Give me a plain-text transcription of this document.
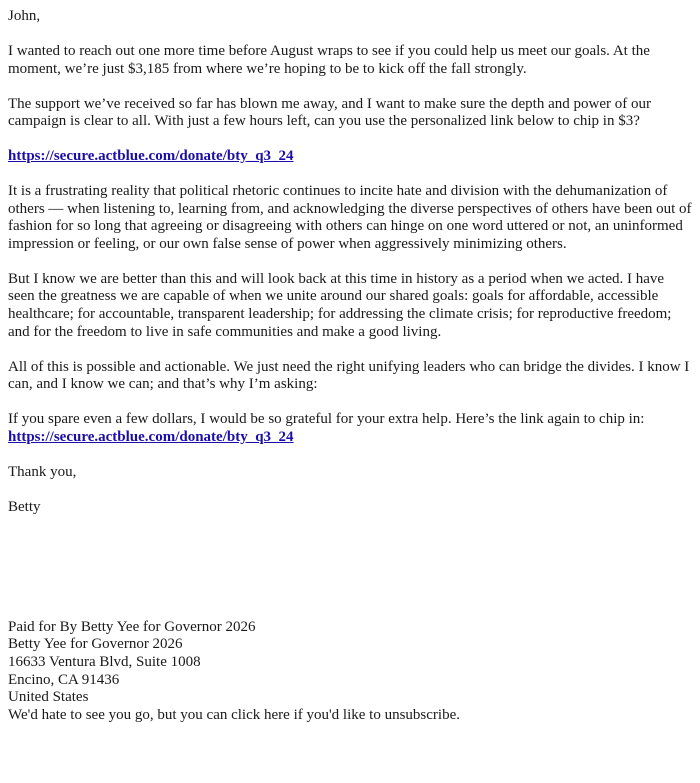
John,

I wanted to reach out one more time before August wraps to see if you could help us meet our goals. At the moment, we’re just $3,185 from where we’re hoping to be to kick off the fall strongly.

The support we’ve received so far has blown me away, and I want to make sure the depth and power of our campaign is clear to all. With just a few hours left, can you use the personalized link below to chip in $3?

https://secure.actblue.com/donate/bty_q3_24

It is a frustrating reality that political rhetoric continues to incite hate and division with the dehumanization of others — when listening to, learning from, and acknowledging the diverse perspectives of others have been out of fashion for so long that agreeing or disagreeing with others can hinge on one word uttered or not, an uninformed impression or feeling, or our own false sense of power when aggressively minimizing others.

But I know we are better than this and will look back at this time in history as a period when we acted. I have seen the greatness we are capable of when we unite around our shared goals: goals for affordable, accessible healthcare; for accountable, transparent leadership; for addressing the climate crisis; for reproductive freedom; and for the freedom to live in safe communities and make a good living.

All of this is possible and actionable. We just need the right unifying leaders who can bridge the divides. I know I can, and I know we can; and that’s why I’m asking:

If you spare even a few dollars, I would be so grateful for your extra help. Here’s the link again to chip in: https://secure.actblue.com/donate/bty_q3_24

Thank you,

Betty

Paid for By Betty Yee for Governor 2026
Betty Yee for Governor 2026
16633 Ventura Blvd, Suite 1008
Encino, CA 91436
United States
We'd hate to see you go, but you can click here if you'd like to unsubscribe.
